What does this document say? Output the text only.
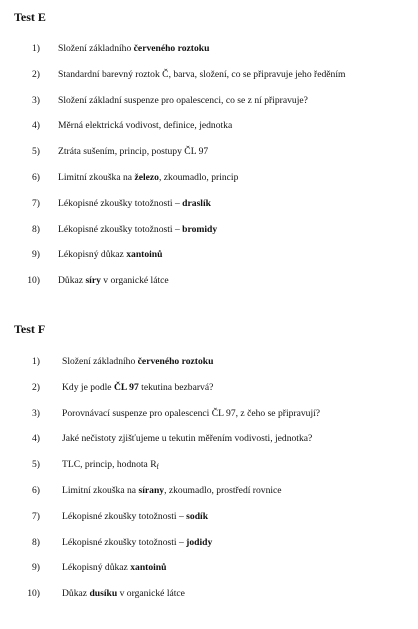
Test E
1) Složení základního červeného roztoku
2) Standardní barevný roztok Č, barva, složení, co se připravuje jeho ředěním
3) Složení základní suspenze pro opalescenci, co se z ní připravuje?
4) Měrná elektrická vodivost, definice, jednotka
5) Ztráta sušením, princip, postupy ČL 97
6) Limitní zkouška na železo, zkoumadlo, princip
7) Lékopisné zkoušky totožnosti – draslík
8) Lékopisné zkoušky totožnosti – bromidy
9) Lékopisný důkaz xantoinů
10) Důkaz síry v organické látce
Test F
1) Složení základního červeného roztoku
2) Kdy je podle ČL 97 tekutina bezbarvá?
3) Porovnávací suspenze pro opalescenci ČL 97, z čeho se připravují?
4) Jaké nečistoty zjišťujeme u tekutin měřením vodivosti, jednotka?
5) TLC, princip, hodnota $R_f$
6) Limitní zkouška na sírany, zkoumadlo, prostředí rovnice
7) Lékopisné zkoušky totožnosti – sodík
8) Lékopisné zkoušky totožnosti – jodidy
9) Lékopisný důkaz xantoinů
10) Důkaz dusíku v organické látce
